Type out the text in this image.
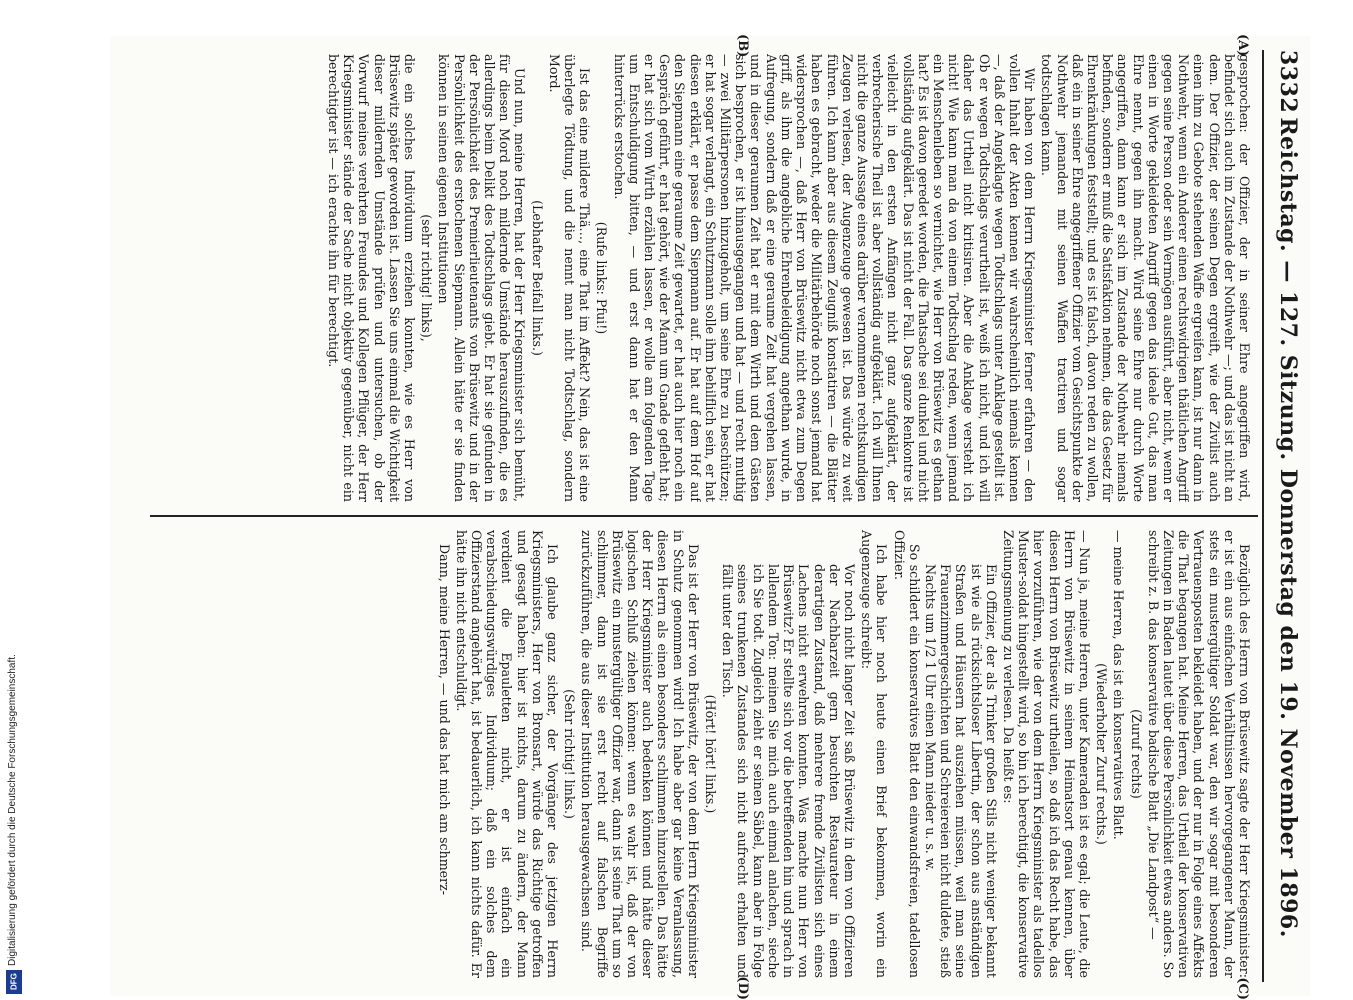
3332
Reichstag. — 127. Sitzung. Donnerstag den 19. November 1896.
(A)
(B)
(C)
(D)

gesprochen: der Offizier, der in seiner Ehre angegriffen wird, befindet sich auch im Zustande der Nothwehr —; und das ist nicht an dem. Der Offizier, der seinen Degen ergreift, wie der Zivilist auch einen ihm zu Gebote stehenden Waffe ergreifen kann, ist nur dann in Nothwehr, wenn ein Anderer einen rechtswidrigen thätlichen Angriff gegen seine Person oder sein Vermögen ausführt, aber nicht, wenn er einen in Worte gekleideten Angriff gegen das ideale Gut, das man Ehre nennt, gegen ihn macht. Wird seine Ehre nur durch Worte angegriffen, dann kann er sich im Zustande der Nothwehr niemals befinden, sondern er muß die Satisfaktion nehmen, die das Gesetz für Ehrenkränkungen feststellt; und es ist falsch, davon reden zu wollen, daß ein in seiner Ehre angegriffener Offizier vom Gesichtspunkte der Nothwehr jemanden mit seinen Waffen tractiren und sogar todtschlagen kann.

Wir haben von dem Herrn Kriegsminister ferner erfahren — den vollen Inhalt der Akten kennen wir wahrscheinlich niemals kennen —, daß der Angeklagte wegen Todtschlags unter Anklage gestellt ist. Ob er wegen Todtschlags verurtheilt ist, weiß ich nicht, und ich will daher das Urtheil nicht kritisiren. Aber die Anklage versteht ich nicht! Wie kann man da von einem Todtschlag reden, wenn jemand ein Menschenleben so vernichtet, wie Herr von Brüsewitz es gethan hat? Es ist davon geredet worden, die Thatsache sei dunkel und nicht vollständig aufgeklärt. Das ist nicht der Fall. Das ganze Renkontre ist vielleicht in den ersten Anfängen nicht ganz aufgeklärt, der verbrecherische Theil ist aber vollständig aufgeklärt. Ich will Ihnen nicht die ganze Aussage eines darüber vernommenen rechtskundigen Zeugen verlesen, der Augenzeuge gewesen ist. Das würde zu weit führen. Ich kann aber aus diesem Zeugniß konstatiren — die Blätter haben es gebracht, weder die Militärbehörde noch sonst jemand hat widersprochen —, daß Herr von Brüsewitz nicht etwa zum Degen griff, als ihm die angebliche Ehrenbeleidigung angethan wurde, in Aufregung, sondern daß er eine geraume Zeit hat vergehen lassen, und in dieser geraumen Zeit hat er mit dem Wirth und dem Gästen sich besprochen, er ist hinausgegangen und hat — und recht muthig — zwei Militärpersonen hinzugeholt, um seine Ehre zu beschützen; er hat sogar verlangt, ein Schutzmann solle ihm behilflich sein, er hat diesen erklärt, er passe dem Siepmann auf. Er hat auf dem Hof auf den Siepmann eine geraume Zeit gewartet, er hat auch hier noch ein Gespräch geführt, er hat gehört, wie der Mann um Gnade gefleht hat; er hat sich vom Wirth erzählen lassen, er wolle am folgenden Tage um Entschuldigung bitten, — und erst dann hat er den Mann hinterrücks erstochen.

(Rufe links: Pfui!)

Ist das eine mildere Thä…, eine That im Affekt? Nein, das ist eine überlegte Tödtung, und die nennt man nicht Todtschlag, sondern Mord.

(Lebhafter Beifall links.)

Und nun, meine Herren, hat der Herr Kriegsminister sich bemüht, für diesen Mord noch mildernde Umstände herauszufinden, die es allerdings beim Delikt des Todtschlags giebt. Er hat sie gefunden in der Persönlichkeit des Premierlieutenants von Brüsewitz und in der Persönlichkeit des erstochenen Siepmann. Allein hätte er sie finden können in seinen eigenen Institutionen

(sehr richtig! links),

die ein solches Individuum erziehen konnten, wie es Herr von Brüsewitz später geworden ist. Lassen Sie uns einmal die Wichtigkeit dieser mildernden Umstände prüfen und untersuchen, ob der Vorwurf meines verehrten Freundes und Kollegen Pflüger, der Herr Kriegsminister stände der Sache nicht objektiv gegenüber, nicht ein berechtigter ist — ich erachte ihn für berechtigt.

Bezüglich des Herrn von Brüsewitz sagte der Herr Kriegsminister: er ist ein aus einfachen Verhältnissen hervorgegangener Mann, der stets ein mustergültiger Soldat war, den wir sogar mit besonderen Vertrauensposten bekleidet haben, und der nur in Folge eines Affekts die That begangen hat. Meine Herren, das Urtheil der konservativen Zeitungen in Baden lautet über diese Persönlichkeit etwas anders. So schreibt z. B. das konservative badische Blatt „Die Landpost“ —

(Zuruf rechts)

— meine Herren, das ist ein konservatives Blatt.

(Wiederholter Zuruf rechts.)

— Nun ja, meine Herren, unter Kameraden ist es egal; die Leute, die Herrn von Brüsewitz in seinem Heimatsort genau kennen, über diesen Herrn von Brüsewitz urtheilen, so daß ich das Recht habe, das hier vorzuführen, wie der von dem Herrn Kriegsminister als tadellos Muster-soldat hingestellt wird, so bin ich berechtigt, die konservative Zeitungsmeinung zu verlesen. Da heißt es:

Ein Offizier, der als Trinker großen Stils nicht weniger bekannt ist wie als rücksichtsloser Libertin, der schon aus anständigen Straßen und Häusern hat ausziehen müssen, weil man seine Frauenzimmergeschichten und Schreiereien nicht duldete, stieß Nachts um 1/2 1 Uhr einen Mann nieder u. s. w.

So schildert ein konservatives Blatt den einwandsfreien, tadellosen Offizier.

Ich habe hier noch heute einen Brief bekommen, worin ein Augenzeuge schreibt:

Vor noch nicht langer Zeit saß Brüsewitz in dem von Offizieren der Nachbarzeit gern besuchten Restaurateur in einem derartigen Zustand, daß mehrere fremde Zivilisten sich eines Lachens nicht erwehren konnten. Was machte nun Herr von Brüsewitz? Er stellte sich vor die betreffenden hin und sprach in lallendem Ton: meinen Sie mich auch einmal anlachen, sieche ich Sie todt. Zugleich zieht er seinen Säbel, kann aber in Folge seines trunkenen Zustandes sich nicht aufrecht erhalten und fällt unter den Tisch.

(Hört! hört! links.)

Das ist der Herr von Brüsewitz, der von dem Herrn Kriegsminister in Schutz genommen wird! Ich habe aber gar keine Veranlassung, diesen Herrn als einen besonders schlimmen hinzustellen. Das hätte der Herr Kriegsminister auch bedenken können und hätte dieser logischen Schluß ziehen können: wenn es wahr ist, daß der von Brüsewitz ein mustergültiger Offizier war, dann ist seine That um so schlimmer, dann ist sie erst recht auf falschen Begriffe zurückzuführen, die aus dieser Institution herausgewachsen sind.

(Sehr richtig! links.)

Ich glaube ganz sicher, der Vorgänger des jetzigen Herrn Kriegsministers, Herr von Bronsart, würde das Richtige getroffen und gesagt haben: hier ist nichts, darum zu ändern, der Mann verdient die Epauletten nicht, er ist einfach ein verabschiedungswürdiges Individuum; daß ein solches dem Offizierstand angehört hat, ist bedauerlich, ich kann nichts dafür. Er hätte ihn nicht entschuldigt.

Dann, meine Herren, — und das hat mich am schmerz-

Digitalisierung gefördert durch die Deutsche Forschungsgemeinschaft.
DFG
